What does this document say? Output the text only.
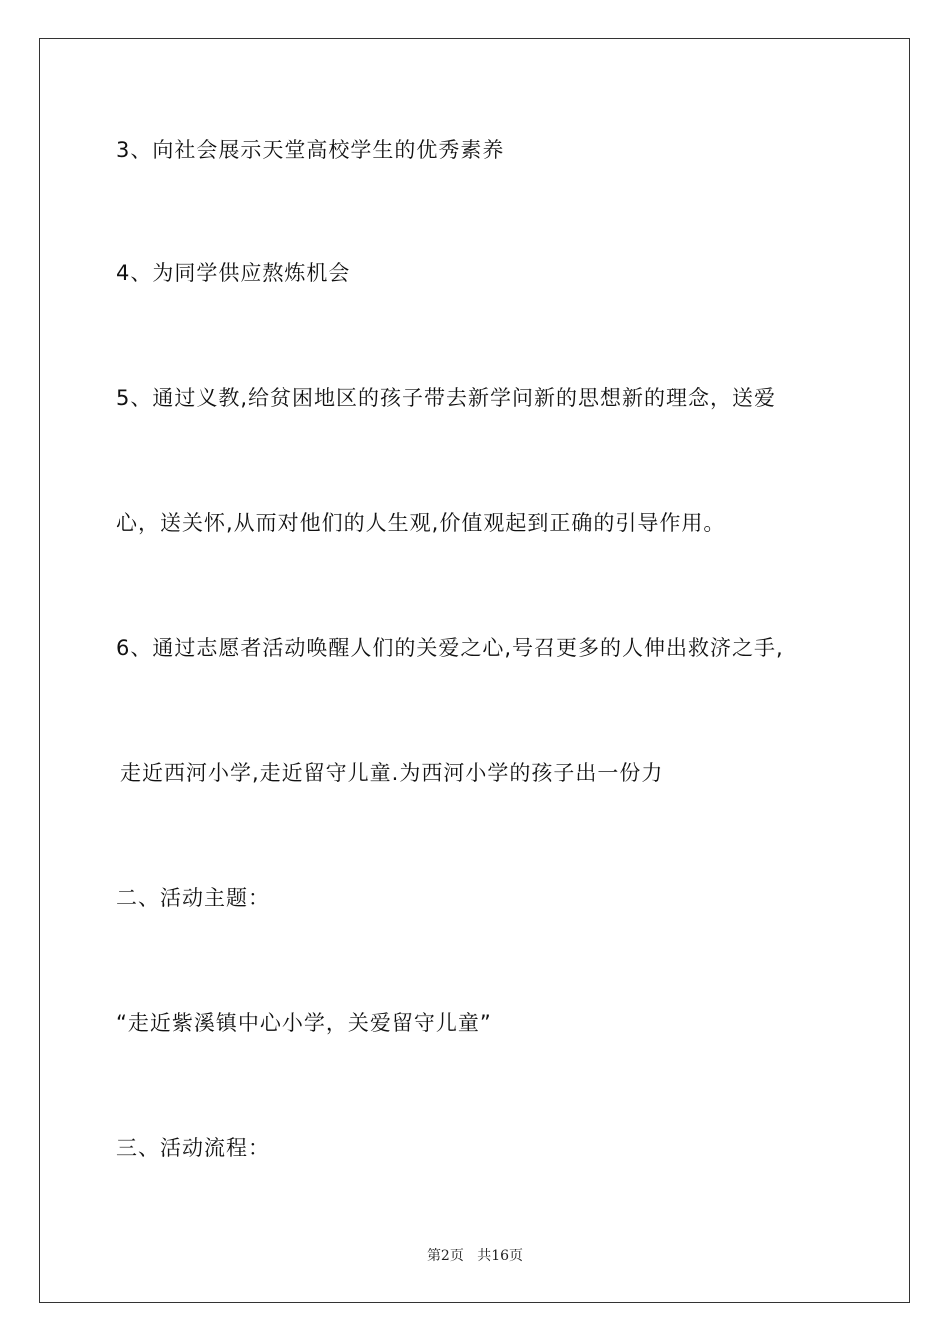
3、向社会展示天堂高校学生的优秀素养
4、为同学供应熬炼机会
5、通过义教,给贫困地区的孩子带去新学问新的思想新的理念，送爱
心，送关怀,从而对他们的人生观,价值观起到正确的引导作用。
6、通过志愿者活动唤醒人们的关爱之心,号召更多的人伸出救济之手,
走近西河小学,走近留守儿童.为西河小学的孩子出一份力
二、活动主题：
“走近紫溪镇中心小学，关爱留守儿童”
三、活动流程：
第2页 共16页
